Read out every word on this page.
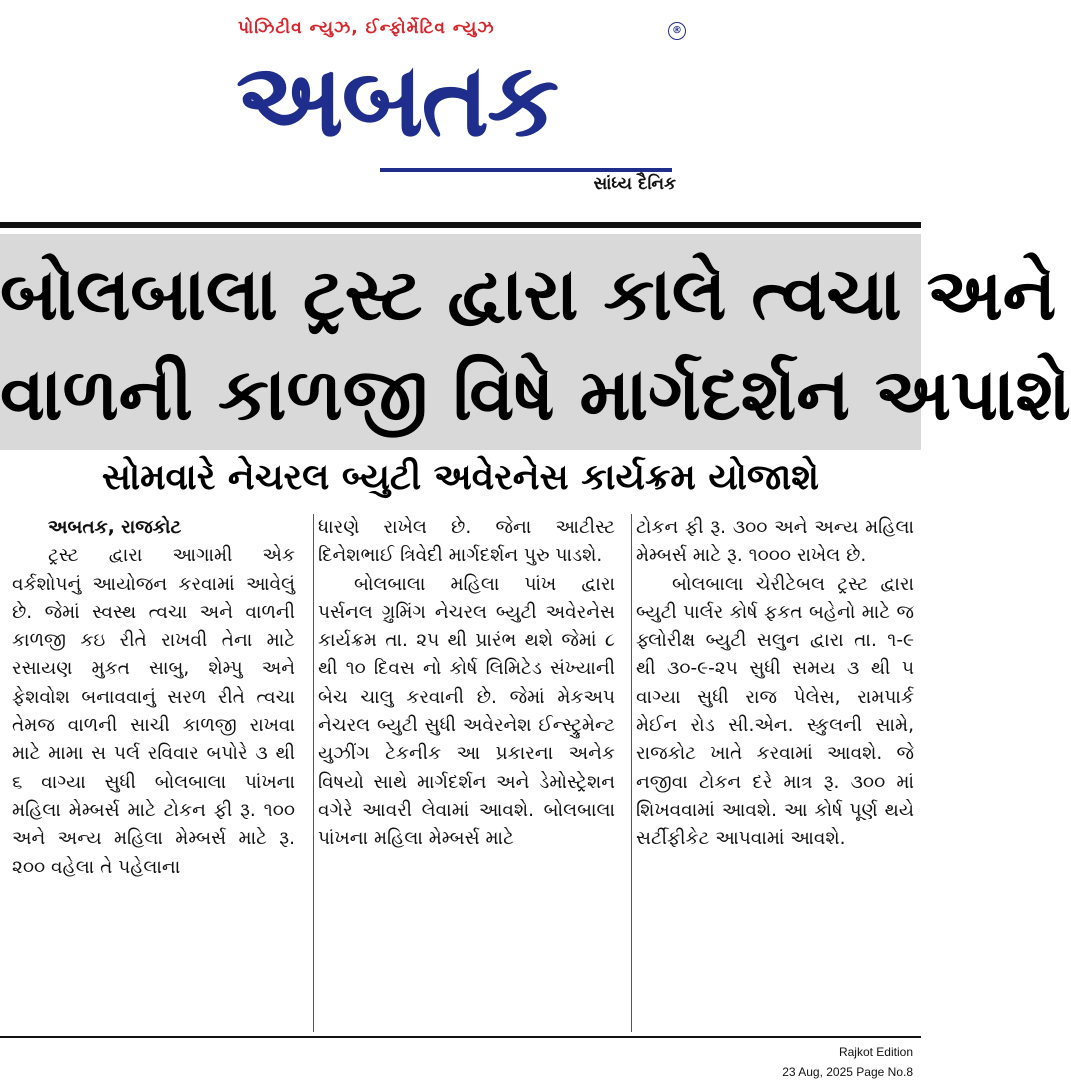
પોઝિટીવ ન્યુઝ, ઈન્ફોર્મેટિવ ન્યુઝ	®
અબતક
સાંધ્ય દૈનિક
બોલબાલા ટ્રસ્ટ દ્વારા કાલે ત્વચા અને
વાળની કાળજી વિષે માર્ગદર્શન અપાશે
સોમવારે નેચરલ બ્યુટી અવેરનેસ કાર્યક્રમ યોજાશે
અબતક, રાજકોટ

ટ્રસ્ટ દ્વારા આગામી એક વર્કશોપનું આયોજન કરવામાં આવેલું છે. જેમાં સ્વસ્થ ત્વચા અને વાળની કાળજી કઇ રીતે રાખવી તેના માટે રસાયણ મુકત સાબુ, શેમ્પુ અને ફેશવોશ બનાવવાનું સરળ રીતે ત્વચા તેમજ વાળની સાચી કાળજી રાખવા માટે મામા સ પર્લ રવિવાર બપોરે ૩ થી ૬ વાગ્યા સુધી બોલબાલા પાંખના મહિલા મેમ્બર્સ માટે ટોકન ફી રૂ. ૧૦૦ અને અન્ય મહિલા મેમ્બર્સ માટે રૂ. ૨૦૦ વહેલા તે પહેલાના

ધારણે રાખેલ છે. જેના આટીસ્ટ દિનેશભાઈ ત્રિવેદી માર્ગદર્શન પુરુ પાડશે.

બોલબાલા મહિલા પાંખ દ્વારા પર્સનલ ગ્રુમિંગ નેચરલ બ્યુટી અવેરનેસ કાર્યક્રમ તા. ૨૫ થી પ્રારંભ થશે જેમાં ૮ થી ૧૦ દિવસ નો કોર્ષ લિમિટેડ સંખ્યાની બેચ ચાલુ કરવાની છે. જેમાં મેકઅપ નેચરલ બ્યુટી સુધી અવેરનેશ ઈન્સ્ટ્રુમેન્ટ યુઝીંગ ટેકનીક આ પ્રકારના અનેક વિષયો સાથે માર્ગદર્શન અને ડેમોસ્ટ્રેશન વગેરે આવરી લેવામાં આવશે. બોલબાલા પાંખના મહિલા મેમ્બર્સ માટે

ટોકન ફી રૂ. ૩૦૦ અને અન્ય મહિલા મેમ્બર્સ માટે રૂ. ૧૦૦૦ રાખેલ છે.

બોલબાલા ચેરીટેબલ ટ્રસ્ટ દ્વારા બ્યુટી પાર્લર કોર્ષ ફકત બહેનો માટે જ ફ્લોરીક્ષ બ્યુટી સલુન દ્વારા તા. ૧-૯ થી ૩૦-૯-૨૫ સુધી સમય ૩ થી ૫ વાગ્યા સુધી રાજ પેલેસ, રામપાર્ક મેઈન રોડ સી.એન. સ્કુલની સામે, રાજકોટ ખાતે કરવામાં આવશે. જે નજીવા ટોકન દરે માત્ર રૂ. ૩૦૦ માં શિખવવામાં આવશે. આ કોર્ષ પૂર્ણ થયે સર્ટીફીકેટ આપવામાં આવશે.

Rajkot Edition
23 Aug, 2025 Page No.8
